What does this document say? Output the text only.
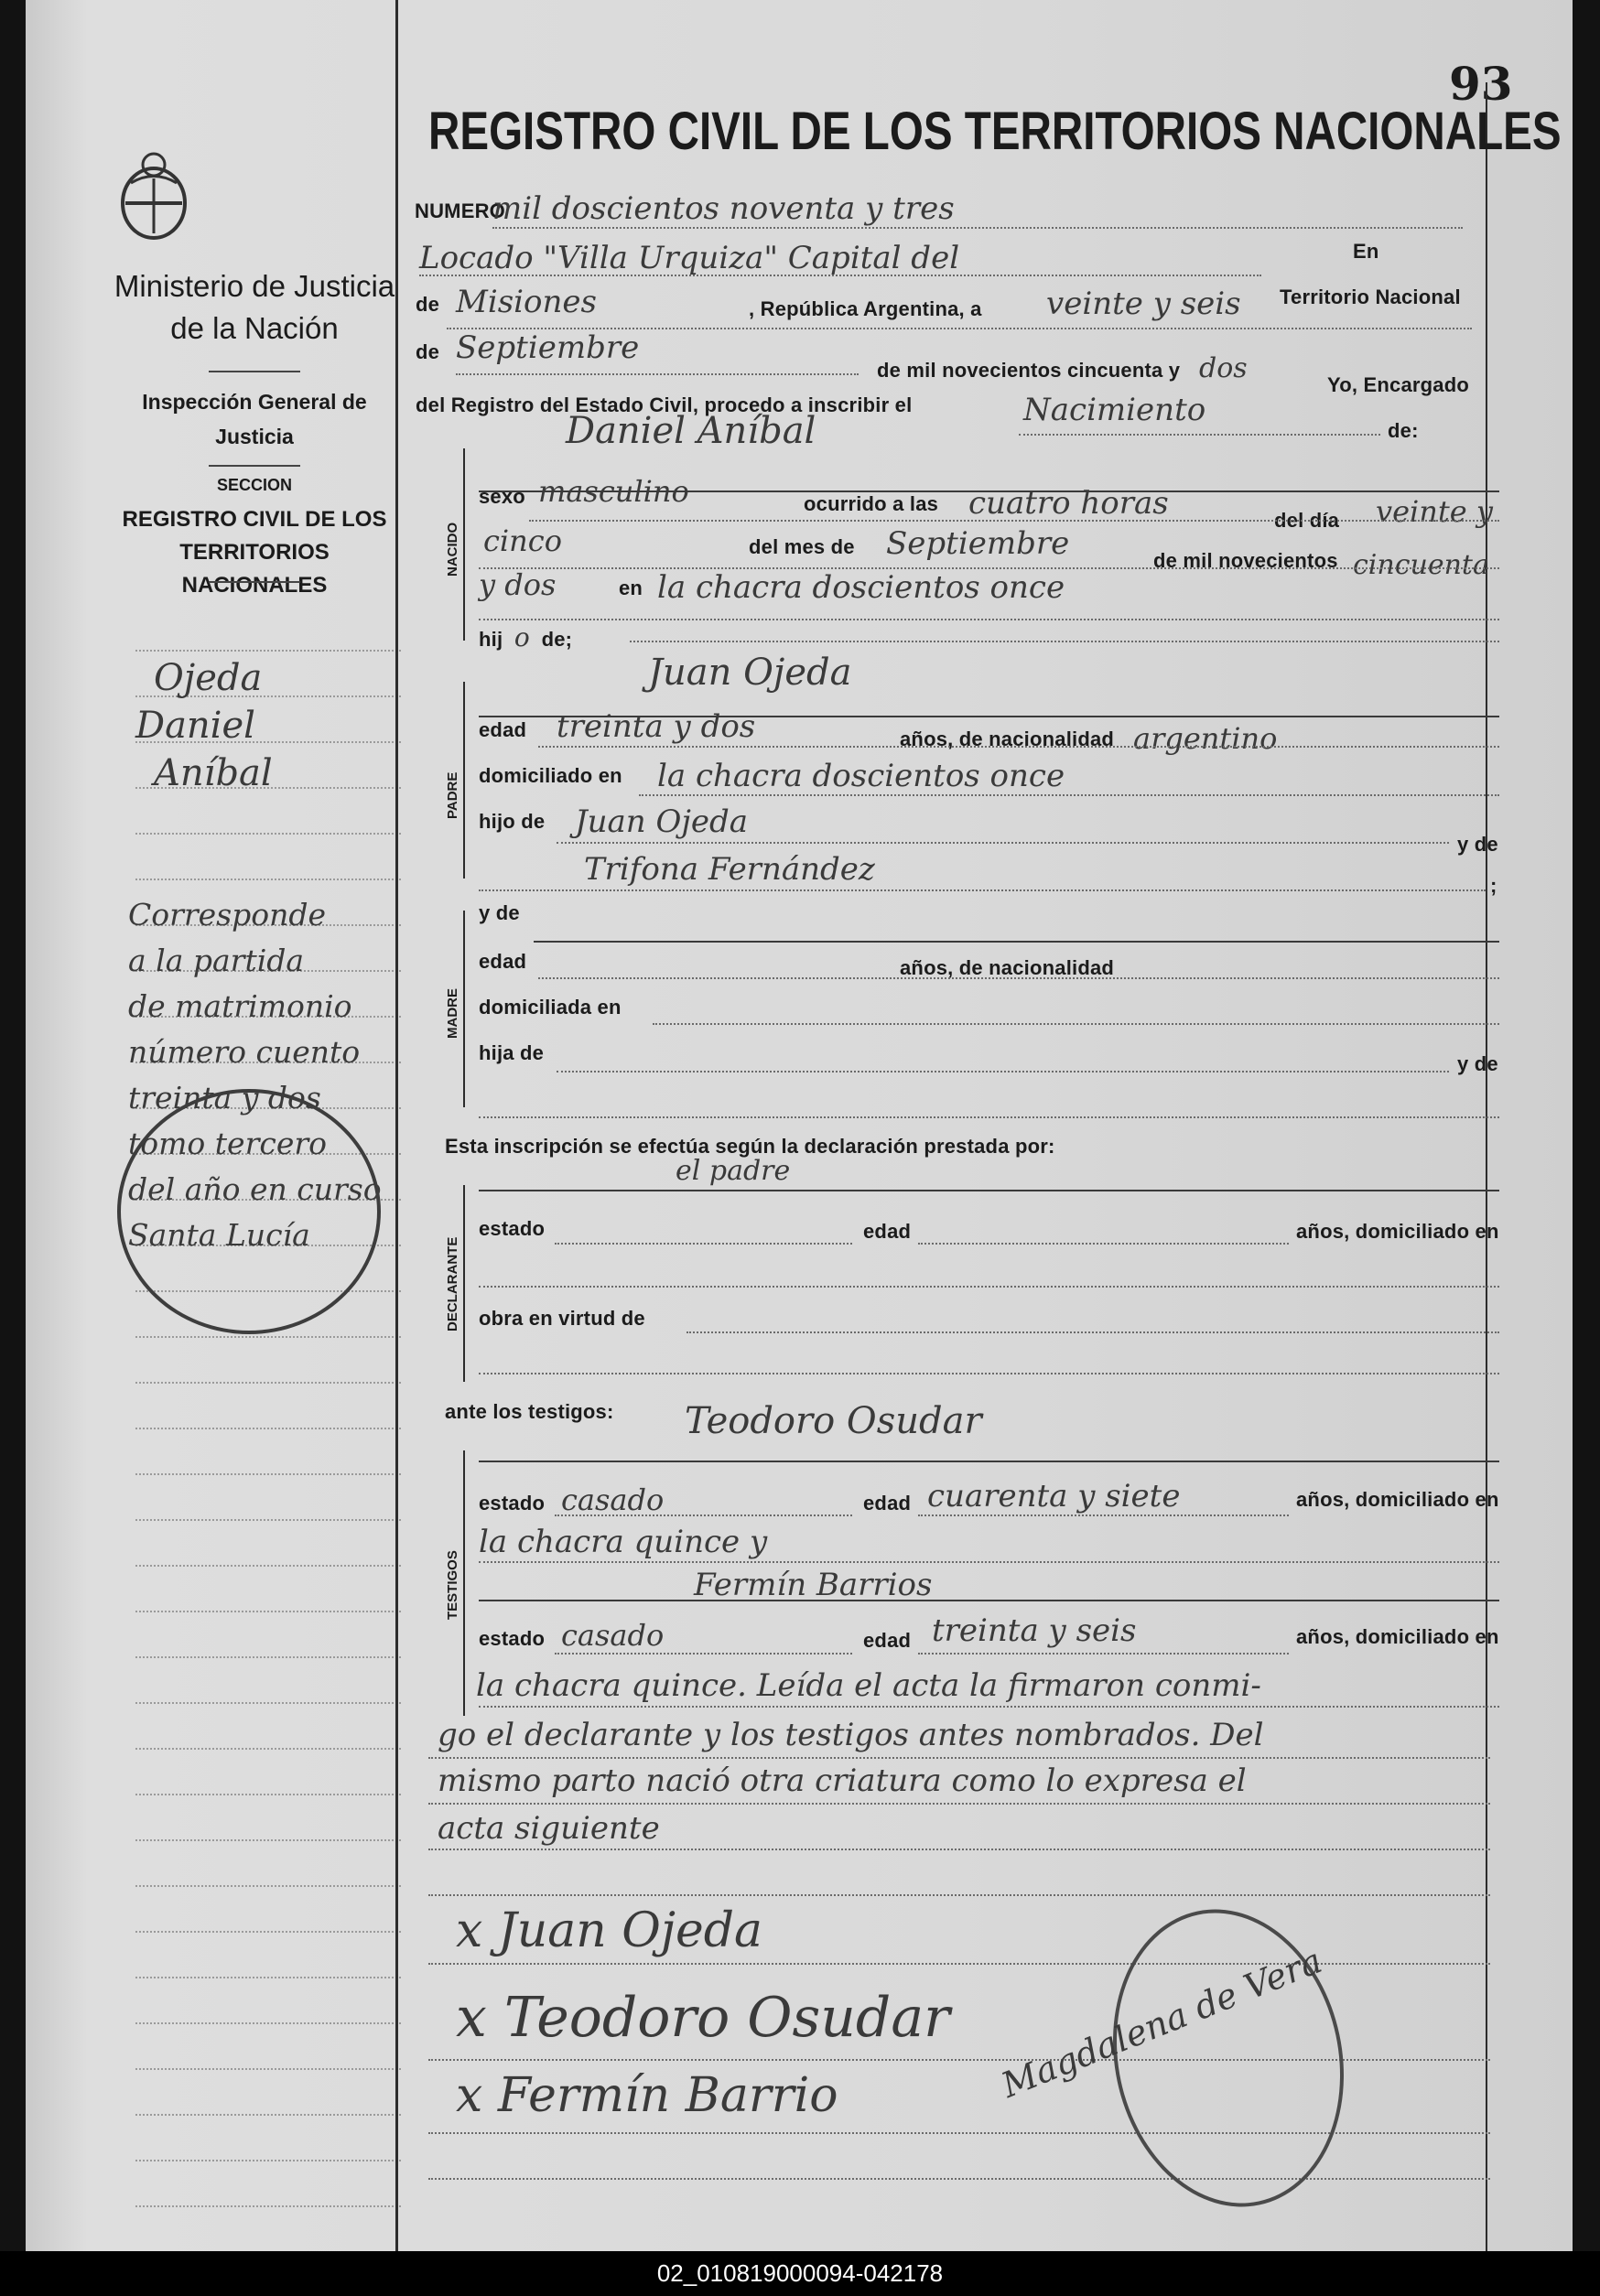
93
Ministerio de Justicia de la Nación
Inspección General de Justicia
SECCION
REGISTRO CIVIL DE LOS TERRITORIOS NACIONALES
Ojeda
Daniel
Aníbal
Corresponde
a la partida
de matrimonio
número cuento
treinta y dos
tomo tercero
del año en curso
Santa Lucía
REGISTRO CIVIL DE LOS TERRITORIOS NACIONALES
NUMERO
mil doscientos noventa y tres
En
Locado "Villa Urquiza" Capital del
Territorio Nacional
de Misiones	, República Argentina, a veinte y seis
de Septiembre
de mil novecientos cincuenta y dos
Yo, Encargado
del Registro del Estado Civil, procedo a inscribir el	Nacimiento
de:
Daniel Aníbal
NACIDO
sexo masculino	ocurrido a las cuatro horas	del día veinte y
cinco	del mes de Septiembre	de mil novecientos cincuenta
y dos	en la chacra doscientos once
hij o de;
Juan Ojeda
PADRE
edad treinta y dos	años, de nacionalidad argentino
domiciliado en la chacra doscientos once
hijo de Juan Ojeda
y de
Trifona Fernández	;
MADRE
y de
edad	años, de nacionalidad
domiciliada en
hija de	y de
Esta inscripción se efectúa según la declaración prestada por:
el padre
DECLARANTE
estado	edad	años, domiciliado en
obra en virtud de
ante los testigos: Teodoro Osudar
TESTIGOS
estado casado	edad cuarenta y siete	años, domiciliado en
la chacra quince y
Fermín Barrios
estado casado	edad treinta y seis	años, domiciliado en
la chacra quince. Leída el acta la firmaron conmi-
go el declarante y los testigos antes nombrados. Del
mismo parto nació otra criatura como lo expresa el
acta siguiente
x Juan Ojeda
x Teodoro Osudar
x Fermín Barrio	Magdalena de Vera
02_010819000094-042178
